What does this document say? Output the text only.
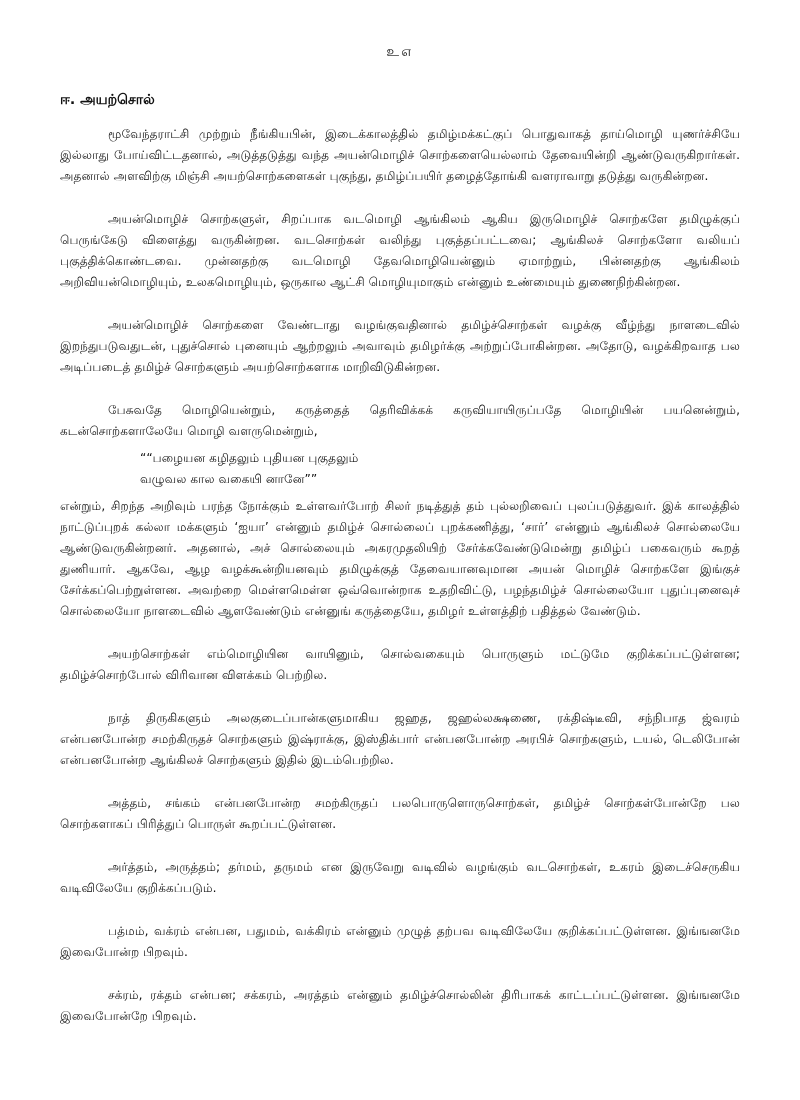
உ௭
ஈ. அயற்சொல்

மூவேந்தராட்சி முற்றும் நீங்கியபின், இடைக்காலத்தில் தமிழ்மக்கட்குப் பொதுவாகத் தாய்மொழி யுணர்ச்சியே இல்லாது போய்விட்டதனால், அடுத்தடுத்து வந்த அயன்மொழிச் சொற்களையெல்லாம் தேவையின்றி ஆண்டுவருகிறார்கள். அதனால் அளவிற்கு மிஞ்சி அயற்சொற்களைகள் புகுந்து, தமிழ்ப்பயிர் தழைத்தோங்கி வளராவாறு தடுத்து வருகின்றன.

அயன்மொழிச் சொற்களுள், சிறப்பாக வடமொழி ஆங்கிலம் ஆகிய இருமொழிச் சொற்களே தமிழுக்குப் பெருங்கேடு விளைத்து வருகின்றன. வடசொற்கள் வலிந்து புகுத்தப்பட்டவை; ஆங்கிலச் சொற்களோ வலியப் புகுத்திக்கொண்டவை. முன்னதற்கு வடமொழி தேவமொழியென்னும் ஏமாற்றும், பின்னதற்கு ஆங்கிலம் அறிவியன்மொழியும், உலகமொழியும், ஒருகால ஆட்சி மொழியுமாகும் என்னும் உண்மையும் துணைநிற்கின்றன.

அயன்மொழிச் சொற்களை வேண்டாது வழங்குவதினால் தமிழ்ச்சொற்கள் வழக்கு வீழ்ந்து நாளடைவில் இறந்துபடுவதுடன், புதுச்சொல் புனையும் ஆற்றலும் அவாவும் தமிழர்க்கு அற்றுப்போகின்றன. அதோடு, வழக்கிறவாத பல அடிப்படைத் தமிழ்ச் சொற்களும் அயற்சொற்களாக மாறிவிடுகின்றன.

பேசுவதே மொழியென்றும், கருத்தைத் தெரிவிக்கக் கருவியாயிருப்பதே மொழியின் பயனென்றும், கடன்சொற்களாலேயே மொழி வளருமென்றும்,

““பழையன கழிதலும் புதியன புகுதலும்
வழுவல கால வகையி னானே””

என்றும், சிறந்த அறிவும் பரந்த நோக்கும் உள்ளவர்போற் சிலர் நடித்துத் தம் புல்லறிவைப் புலப்படுத்துவர். இக் காலத்தில் நாட்டுப்புறக் கல்லா மக்களும் ‘ஐயா’ என்னும் தமிழ்ச் சொல்லைப் புறக்கணித்து, ‘சார்’ என்னும் ஆங்கிலச் சொல்லையே ஆண்டுவருகின்றனர். அதனால், அச் சொல்லையும் அகரமுதலியிற் சேர்க்கவேண்டுமென்று தமிழ்ப் பகைவரும் கூறத் துணியார். ஆகவே, ஆழ வழக்கூன்றியனவும் தமிழுக்குத் தேவையானவுமான அயன் மொழிச் சொற்களே இங்குச் சேர்க்கப்பெற்றுள்ளன. அவற்றை மெள்ளமெள்ள ஒவ்வொன்றாக உதறிவிட்டு, பழந்தமிழ்ச் சொல்லையோ புதுப்புனைவுச் சொல்லையோ நாளடைவில் ஆளவேண்டும் என்னுங் கருத்தையே, தமிழர் உள்ளத்திற் பதித்தல் வேண்டும்.

அயற்சொற்கள் எம்மொழியின வாயினும், சொல்வகையும் பொருளும் மட்டுமே குறிக்கப்பட்டுள்ளன; தமிழ்ச்சொற்போல் விரிவான விளக்கம் பெற்றில.

நாத் திருகிகளும் அலகுடைப்பான்களுமாகிய ஜஹத, ஜஹல்லக்ஷணை, ரக்திஷ்டீவி, சந்நிபாத ஜ்வரம் என்பனபோன்ற சமற்கிருதச் சொற்களும் இஷ்ராக்கு, இஸ்திக்பார் என்பனபோன்ற அரபிச் சொற்களும், டயல், டெலிபோன் என்பனபோன்ற ஆங்கிலச் சொற்களும் இதில் இடம்பெற்றில.

அத்தம், சங்கம் என்பனபோன்ற சமற்கிருதப் பலபொருளொருசொற்கள், தமிழ்ச் சொற்கள்போன்றே பல சொற்களாகப் பிரித்துப் பொருள் கூறப்பட்டுள்ளன.

அர்த்தம், அருத்தம்; தர்மம், தருமம் என இருவேறு வடிவில் வழங்கும் வடசொற்கள், உகரம் இடைச்செருகிய வடிவிலேயே குறிக்கப்படும்.

பத்மம், வக்ரம் என்பன, பதுமம், வக்கிரம் என்னும் முழுத் தற்பவ வடிவிலேயே குறிக்கப்பட்டுள்ளன. இங்ஙனமே இவைபோன்ற பிறவும்.

சக்ரம், ரக்தம் என்பன; சக்கரம், அரத்தம் என்னும் தமிழ்ச்சொல்லின் திரிபாகக் காட்டப்பட்டுள்ளன. இங்ஙனமே இவைபோன்றே பிறவும்.
